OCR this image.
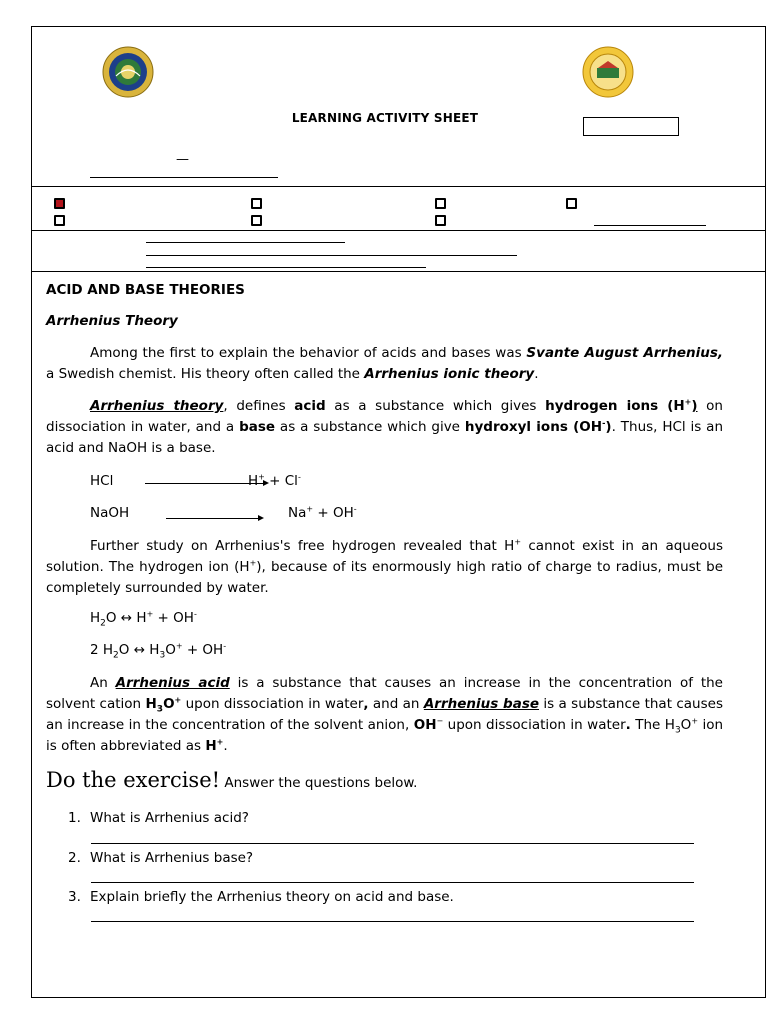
LEARNING ACTIVITY SHEET
—
ACID AND BASE THEORIES
Arrhenius Theory

Among the first to explain the behavior of acids and bases was Svante August Arrhenius, a Swedish chemist. His theory often called the Arrhenius ionic theory.

Arrhenius theory, defines acid as a substance which gives hydrogen ions (H+) on dissociation in water, and a base as a substance which give hydroxyl ions (OH-). Thus, HCl is an acid and NaOH is a base.

HCl	H+ + Cl-
NaOH	Na+ + OH-

Further study on Arrhenius's free hydrogen revealed that H+ cannot exist in an aqueous solution. The hydrogen ion (H+), because of its enormously high ratio of charge to radius, must be completely surrounded by water.

$H_2O$ ↔ H+ + OH-
2 $H_2O$ ↔ $H_3O^+ + OH^-$

An Arrhenius acid is a substance that causes an increase in the concentration of the solvent cation $H_3O^+$ upon dissociation in water, and an Arrhenius base is a substance that causes an increase in the concentration of the solvent anion, OH− upon dissociation in water. The $H_3O^+$ ion is often abbreviated as H+.

Do the exercise! Answer the questions below.
1. What is Arrhenius acid?
2. What is Arrhenius base?
3. Explain briefly the Arrhenius theory on acid and base.
